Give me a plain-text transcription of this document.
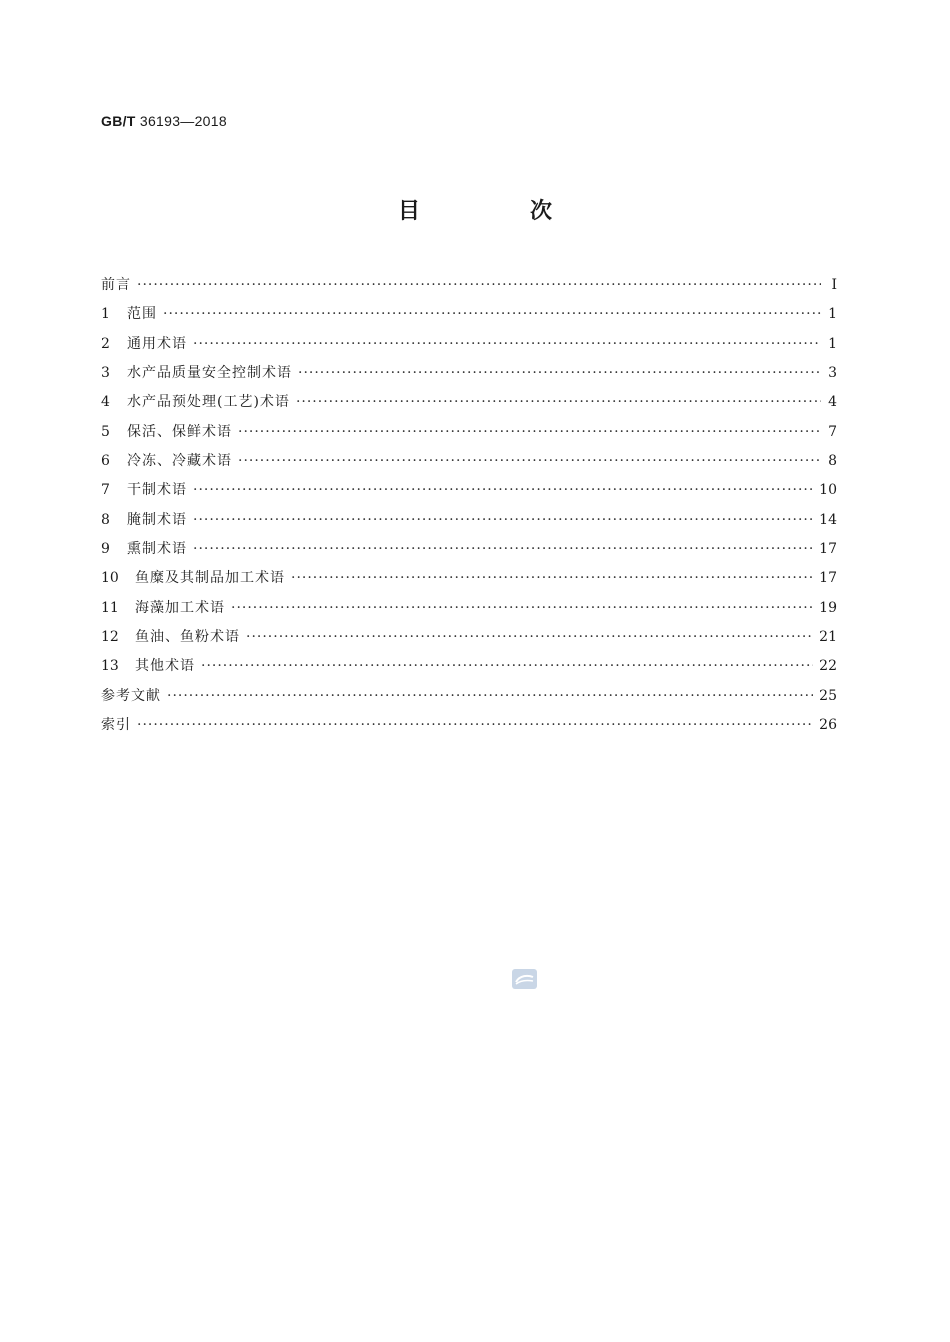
GB/T 36193—2018
目　次
前言 ·····	Ⅰ
1	范围 ·····	1
2	通用术语 ·····	1
3	水产品质量安全控制术语 ·····	3
4	水产品预处理(工艺)术语 ·····	4
5	保活、保鲜术语 ·····	7
6	冷冻、冷藏术语 ·····	8
7	干制术语 ·····	10
8	腌制术语 ·····	14
9	熏制术语 ·····	17
10	鱼糜及其制品加工术语 ·····	17
11	海藻加工术语 ·····	19
12	鱼油、鱼粉术语 ·····	21
13	其他术语 ·····	22
参考文献 ·····	25
索引 ·····	26
